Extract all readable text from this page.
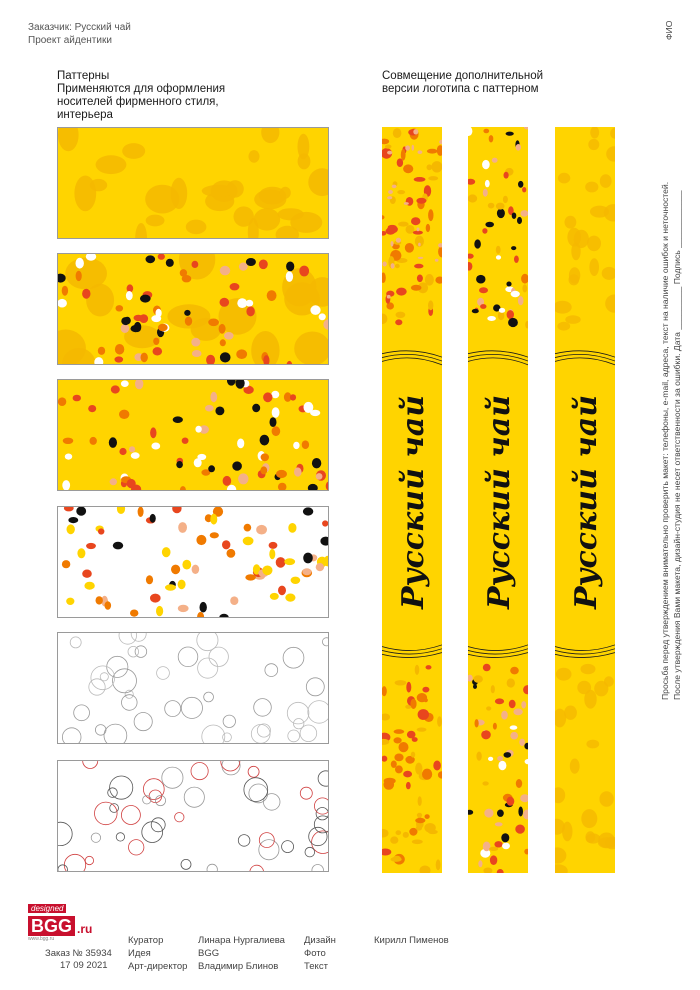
Заказчик: Русский чай
Проект айдентики
Паттерны
Применяются для оформления
носителей фирменного стиля,
интерьера
Совмещение дополнительной
версии логотипа с паттерном
Русский чай Русский чай Русский чай
ФИО
Просьба перед утверждением внимательно проверить макет: телефоны, e-mail, адреса, текст на наличие ошибок и неточностей. После утверждения Вами макета, дизайн-студия не несет ответственности за ошибки. Дата _________ Подпись ____________
designed
BGG .ru
www.bgg.ru
Заказ № 35934
17 09 2021
Куратор
Идея
Арт-директор
Линара Нургалиева
BGG
Владимир Блинов
Дизайн
Фото
Текст
Кирилл Пименов
